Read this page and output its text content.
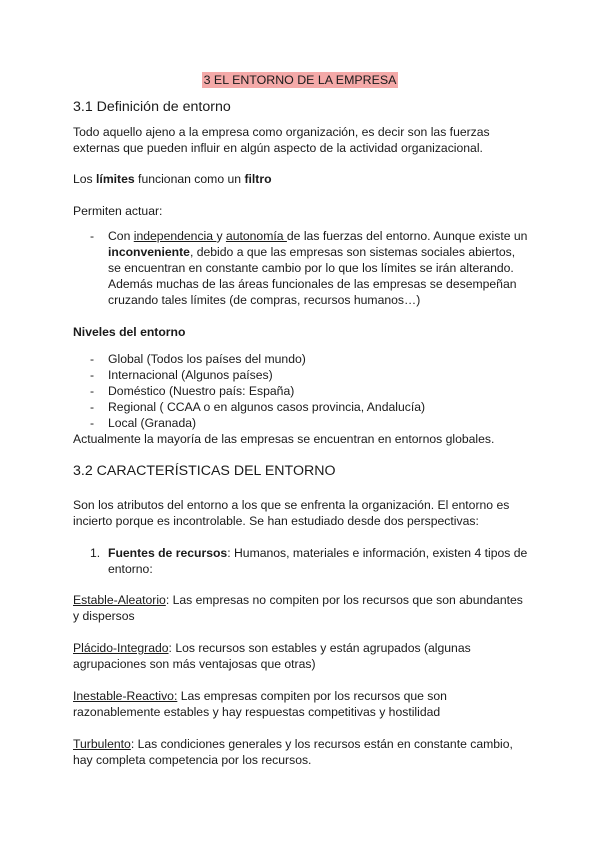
3 EL ENTORNO DE LA EMPRESA
3.1 Definición de entorno
Todo aquello ajeno a la empresa como organización, es decir son las fuerzas
externas que pueden influir en algún aspecto de la actividad organizacional.
Los límites funcionan como un filtro
Permiten actuar:
- Con independencia y autonomía de las fuerzas del entorno. Aunque existe un
inconveniente, debido a que las empresas son sistemas sociales abiertos,
se encuentran en constante cambio por lo que los límites se irán alterando.
Además muchas de las áreas funcionales de las empresas se desempeñan
cruzando tales límites (de compras, recursos humanos…)
Niveles del entorno
- Global (Todos los países del mundo)
- Internacional (Algunos países)
- Doméstico (Nuestro país: España)
- Regional ( CCAA o en algunos casos provincia, Andalucía)
- Local (Granada)
Actualmente la mayoría de las empresas se encuentran en entornos globales.
3.2 CARACTERÍSTICAS DEL ENTORNO
Son los atributos del entorno a los que se enfrenta la organización. El entorno es
incierto porque es incontrolable. Se han estudiado desde dos perspectivas:
1. Fuentes de recursos: Humanos, materiales e información, existen 4 tipos de
entorno:
Estable-Aleatorio: Las empresas no compiten por los recursos que son abundantes
y dispersos
Plácido-Integrado: Los recursos son estables y están agrupados (algunas
agrupaciones son más ventajosas que otras)
Inestable-Reactivo: Las empresas compiten por los recursos que son
razonablemente estables y hay respuestas competitivas y hostilidad
Turbulento: Las condiciones generales y los recursos están en constante cambio,
hay completa competencia por los recursos.
